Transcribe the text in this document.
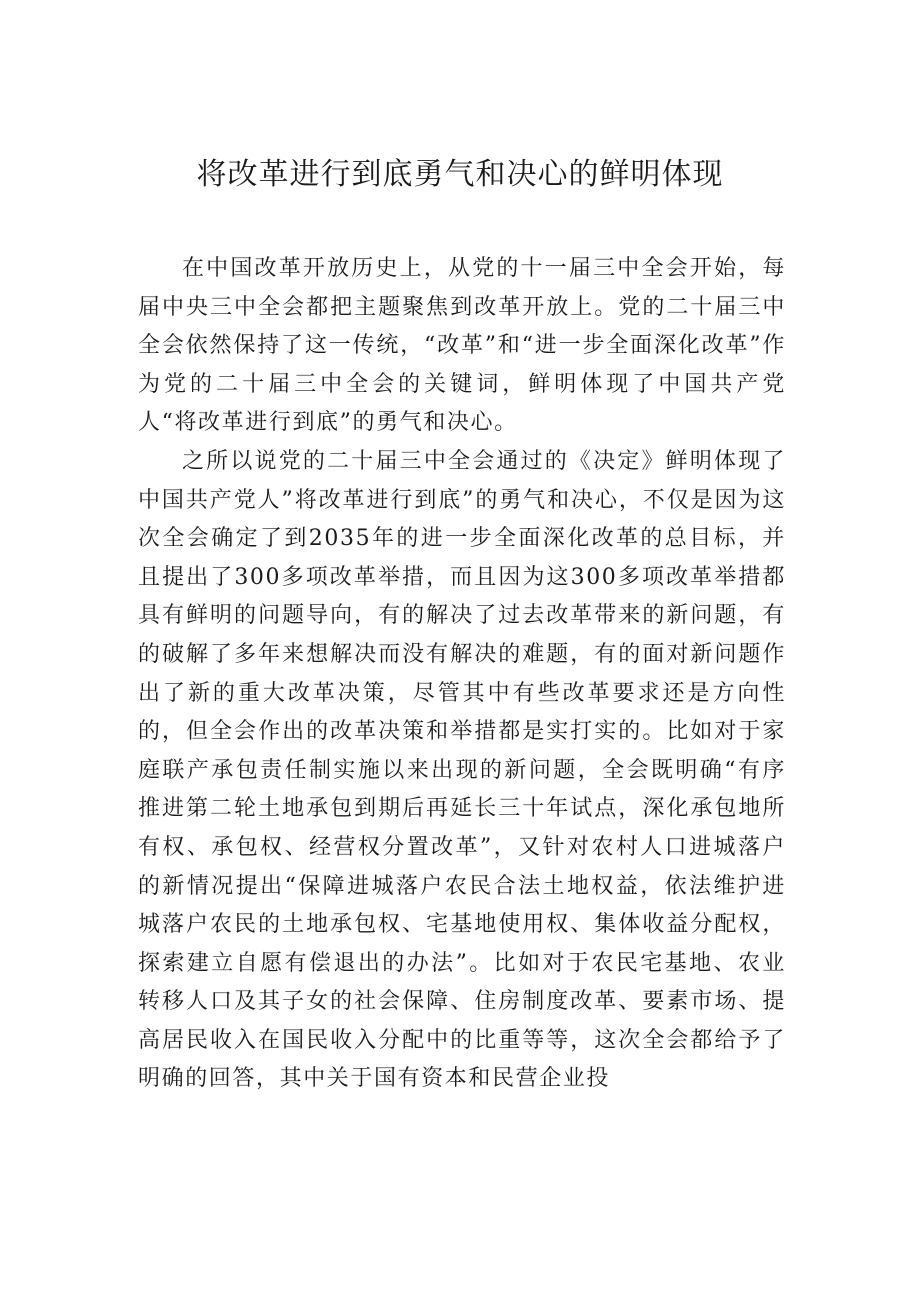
将改革进行到底勇气和决心的鲜明体现

在中国改革开放历史上，从党的十一届三中全会开始，每届中央三中全会都把主题聚焦到改革开放上。党的二十届三中全会依然保持了这一传统，“改革”和“进一步全面深化改革”作为党的二十届三中全会的关键词，鲜明体现了中国共产党人“将改革进行到底”的勇气和决心。

之所以说党的二十届三中全会通过的《决定》鲜明体现了中国共产党人”将改革进行到底”的勇气和决心，不仅是因为这次全会确定了到2035年的进一步全面深化改革的总目标，并且提出了300多项改革举措，而且因为这300多项改革举措都具有鲜明的问题导向，有的解决了过去改革带来的新问题，有的破解了多年来想解决而没有解决的难题，有的面对新问题作出了新的重大改革决策，尽管其中有些改革要求还是方向性的，但全会作出的改革决策和举措都是实打实的。比如对于家庭联产承包责任制实施以来出现的新问题，全会既明确“有序推进第二轮土地承包到期后再延长三十年试点，深化承包地所有权、承包权、经营权分置改革”，又针对农村人口进城落户的新情况提出“保障进城落户农民合法土地权益，依法维护进城落户农民的土地承包权、宅基地使用权、集体收益分配权，探索建立自愿有偿退出的办法”。比如对于农民宅基地、农业转移人口及其子女的社会保障、住房制度改革、要素市场、提高居民收入在国民收入分配中的比重等等，这次全会都给予了明确的回答，其中关于国有资本和民营企业投
